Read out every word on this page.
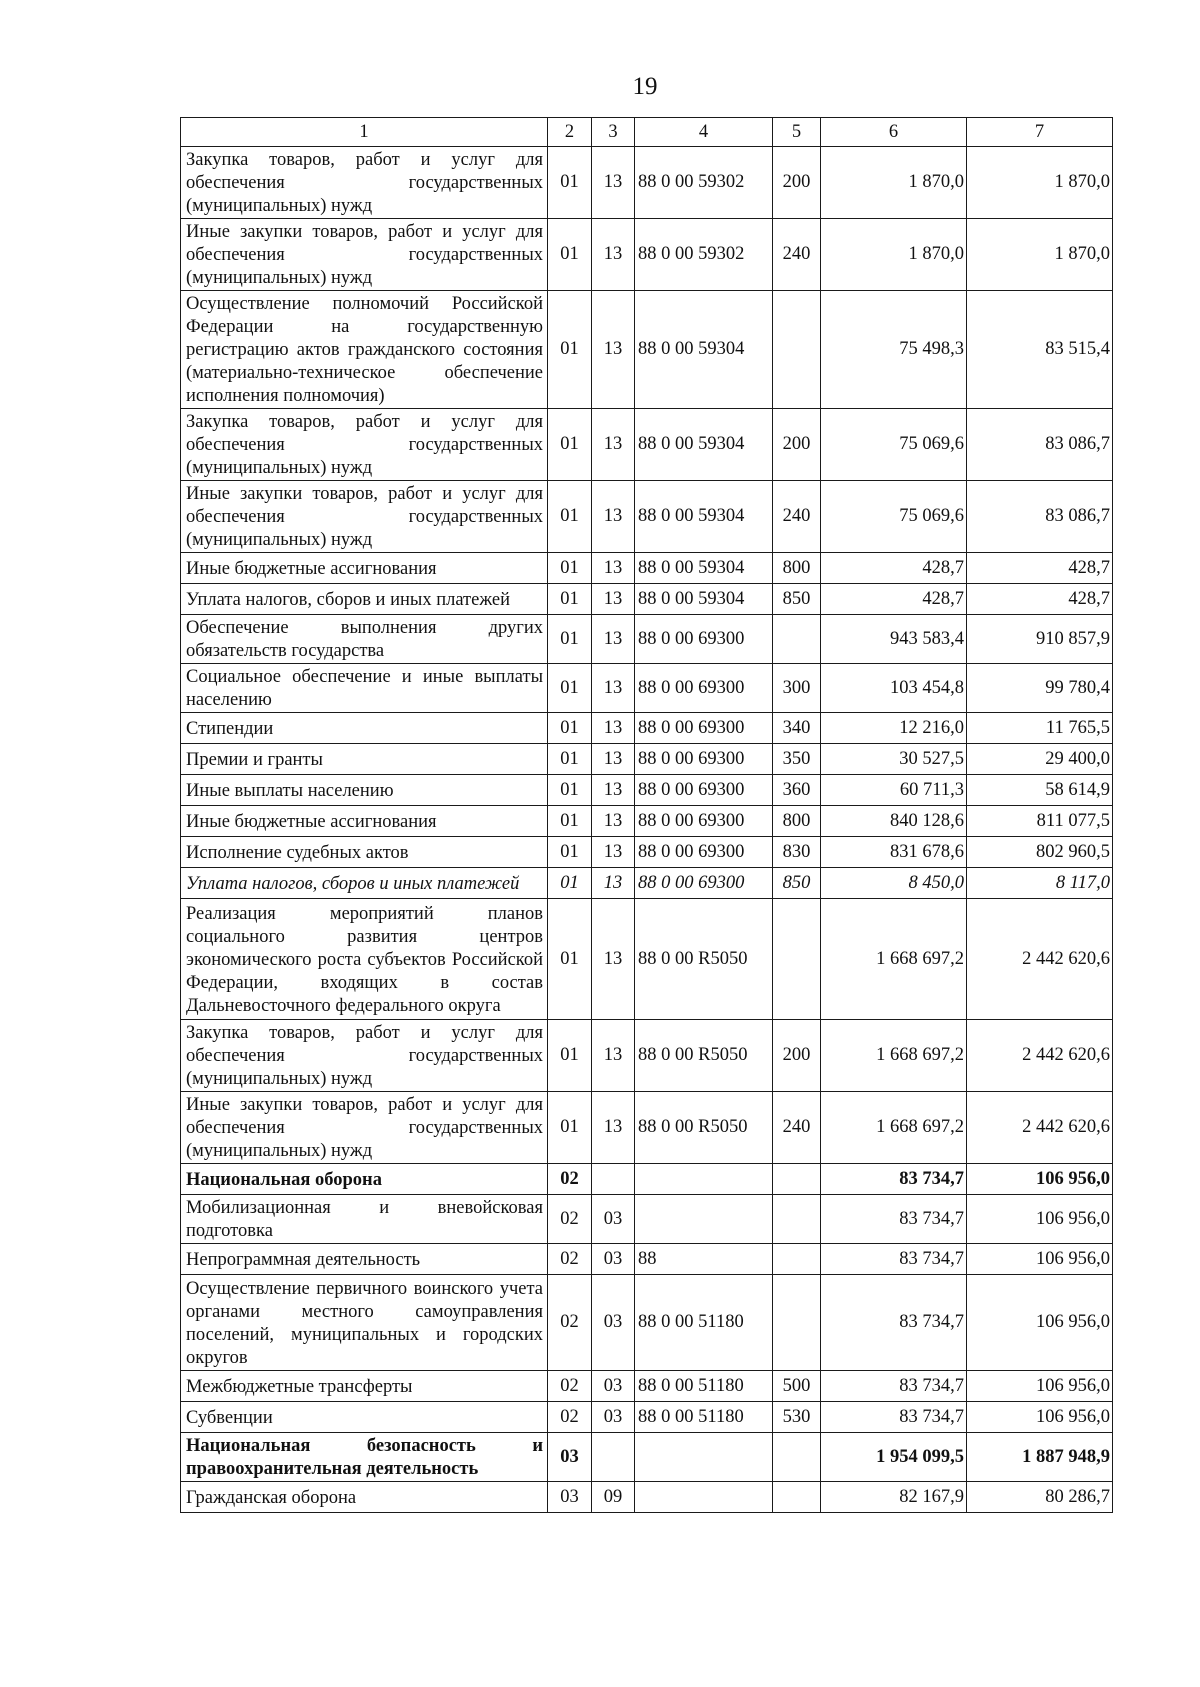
19
1	2	3	4	5	6	7
Закупка товаров, работ и услуг для обеспечения государственных (муниципальных) нужд	01	13	88 0 00 59302	200	1 870,0	1 870,0
Иные закупки товаров, работ и услуг для обеспечения государственных (муниципальных) нужд	01	13	88 0 00 59302	240	1 870,0	1 870,0
Осуществление полномочий Российской Федерации на государственную регистрацию актов гражданского состояния (материально-техническое обеспечение исполнения полномочия)	01	13	88 0 00 59304		75 498,3	83 515,4
Закупка товаров, работ и услуг для обеспечения государственных (муниципальных) нужд	01	13	88 0 00 59304	200	75 069,6	83 086,7
Иные закупки товаров, работ и услуг для обеспечения государственных (муниципальных) нужд	01	13	88 0 00 59304	240	75 069,6	83 086,7
Иные бюджетные ассигнования	01	13	88 0 00 59304	800	428,7	428,7
Уплата налогов, сборов и иных платежей	01	13	88 0 00 59304	850	428,7	428,7
Обеспечение выполнения других обязательств государства	01	13	88 0 00 69300		943 583,4	910 857,9
Социальное обеспечение и иные выплаты населению	01	13	88 0 00 69300	300	103 454,8	99 780,4
Стипендии	01	13	88 0 00 69300	340	12 216,0	11 765,5
Премии и гранты	01	13	88 0 00 69300	350	30 527,5	29 400,0
Иные выплаты населению	01	13	88 0 00 69300	360	60 711,3	58 614,9
Иные бюджетные ассигнования	01	13	88 0 00 69300	800	840 128,6	811 077,5
Исполнение судебных актов	01	13	88 0 00 69300	830	831 678,6	802 960,5
Уплата налогов, сборов и иных платежей	01	13	88 0 00 69300	850	8 450,0	8 117,0
Реализация мероприятий планов социального развития центров экономического роста субъектов Российской Федерации, входящих в состав Дальневосточного федерального округа	01	13	88 0 00 R5050		1 668 697,2	2 442 620,6
Закупка товаров, работ и услуг для обеспечения государственных (муниципальных) нужд	01	13	88 0 00 R5050	200	1 668 697,2	2 442 620,6
Иные закупки товаров, работ и услуг для обеспечения государственных (муниципальных) нужд	01	13	88 0 00 R5050	240	1 668 697,2	2 442 620,6
Национальная оборона	02				83 734,7	106 956,0
Мобилизационная и вневойсковая подготовка	02	03			83 734,7	106 956,0
Непрограммная деятельность	02	03	88		83 734,7	106 956,0
Осуществление первичного воинского учета органами местного самоуправления поселений, муниципальных и городских округов	02	03	88 0 00 51180		83 734,7	106 956,0
Межбюджетные трансферты	02	03	88 0 00 51180	500	83 734,7	106 956,0
Субвенции	02	03	88 0 00 51180	530	83 734,7	106 956,0
Национальная безопасность и правоохранительная деятельность	03				1 954 099,5	1 887 948,9
Гражданская оборона	03	09			82 167,9	80 286,7
